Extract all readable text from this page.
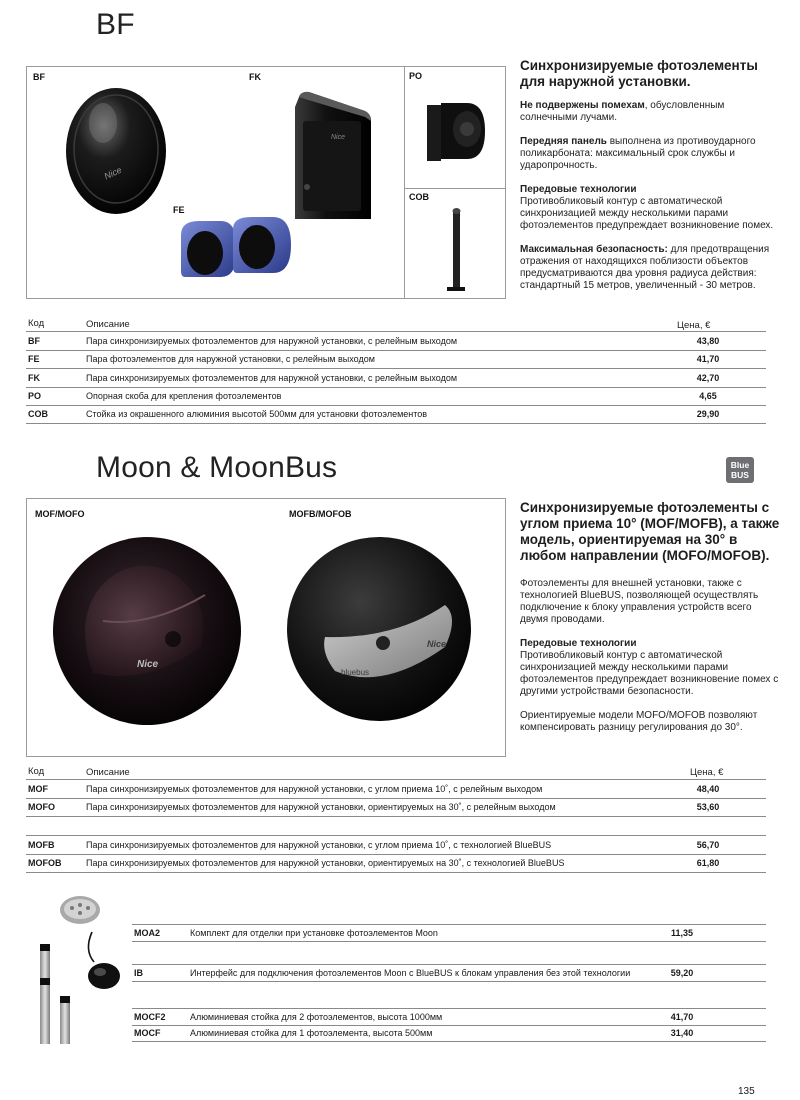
BF
BF	FK
FE
PO
COB
Nice
Nice
Синхронизируемые фотоэлементы для наружной установки.

Не подвержены помехам, обусловленным солнечными лучами.

Передняя панель выполнена из противоударного поликарбоната: максимальный срок службы и ударопрочность.

Передовые технологии
Противобликовый контур с автоматической синхронизацией между несколькими парами фотоэлементов предупреждает возникновение помех.

Максимальная безопасность: для предотвращения отражения от находящихся поблизости объектов предусматриваются два уровня радиуса действия: стандартный 15 метров, увеличенный - 30 метров.

Код	Описание	Цена, €
BF	Пара синхронизируемых фотоэлементов для наружной установки, с релейным выходом	43,80
FE	Пара фотоэлементов для наружной установки, с релейным выходом	41,70
FK	Пара синхронизируемых фотоэлементов для наружной установки, с релейным выходом	42,70
PO	Опорная скоба для крепления фотоэлементов	4,65
COB	Стойка из окрашенного алюминия высотой 500мм для установки фотоэлементов	29,90
Moon & MoonBus	Blue
BUS
MOF/MOFO	MOFB/MOFOB
Nice
bluebus
Nice
Синхронизируемые фотоэлементы с углом приема 10° (MOF/MOFB), а также модель, ориентируемая на 30° в любом направлении (MOFO/MOFOB).

Фотоэлементы для внешней установки, также с технологией BlueBUS, позволяющей осуществлять подключение к блоку управления устройств всего двумя проводами.

Передовые технологии
Противобликовый контур с автоматической синхронизацией между несколькими парами фотоэлементов предупреждает возникновение помех с другими устройствами безопасности.

Ориентируемые модели MOFO/MOFOB позволяют компенсировать разницу регулирования до 30°.

Код	Описание	Цена, €
MOF	Пара синхронизируемых фотоэлементов для наружной установки, с углом приема 10˚, с релейным выходом	48,40
MOFO	Пара синхронизируемых фотоэлементов для наружной установки, ориентируемых на 30˚, с релейным выходом	53,60
MOFB	Пара синхронизируемых фотоэлементов для наружной установки, с углом приема 10˚, с технологией BlueBUS	56,70
MOFOB	Пара синхронизируемых фотоэлементов для наружной установки, ориентируемых на 30˚, с технологией BlueBUS	61,80
MOA2	Комплект для отделки при установке фотоэлементов Moon	11,35
IB	Интерфейс для подключения фотоэлементов Moon с BlueBUS к блокам управления без этой технологии	59,20
MOCF2	Алюминиевая стойка для 2 фотоэлементов, высота 1000мм	41,70
MOCF	Алюминиевая стойка для 1 фотоэлемента, высота 500мм	31,40
135
